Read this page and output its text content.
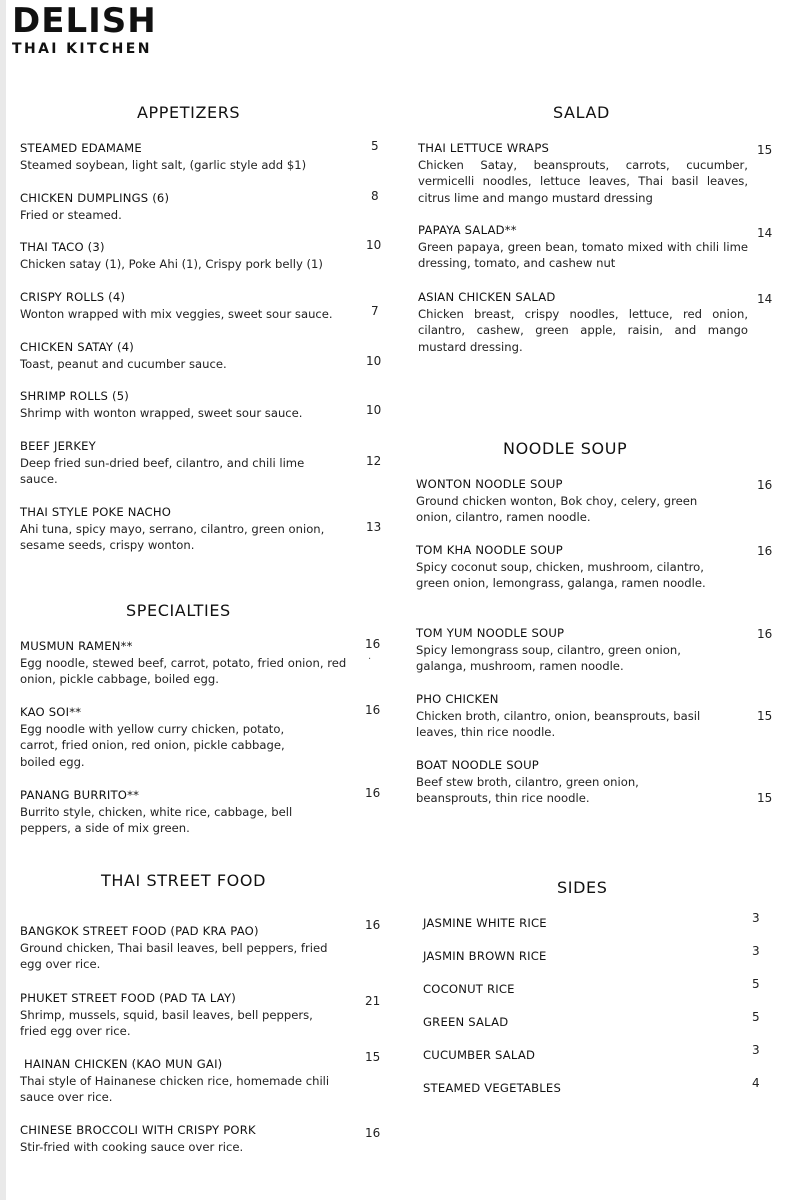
DELISH
THAI KITCHEN
APPETIZERS
STEAMED EDAMAME
Steamed soybean, light salt, (garlic style add $1)
5
CHICKEN DUMPLINGS (6)
Fried or steamed.
8
THAI TACO (3)
Chicken satay (1), Poke Ahi (1), Crispy pork belly (1)
10
CRISPY ROLLS (4)
Wonton wrapped with mix veggies, sweet sour sauce.	7
CHICKEN SATAY (4)
Toast, peanut and cucumber sauce.	10
SHRIMP ROLLS (5)
Shrimp with wonton wrapped, sweet sour sauce.	10
BEEF JERKEY
Deep fried sun-dried beef, cilantro, and chili lime sauce.
12
THAI STYLE POKE NACHO
Ahi tuna, spicy mayo, serrano, cilantro, green onion, sesame seeds, crispy wonton.
13
SPECIALTIES
MUSMUN RAMEN**
Egg noodle, stewed beef, carrot, potato, fried onion, red onion, pickle cabbage, boiled egg.
16
·
KAO SOI**
Egg noodle with yellow curry chicken, potato, carrot, fried onion, red onion, pickle cabbage, boiled egg.
16
PANANG BURRITO**
Burrito style, chicken, white rice, cabbage, bell peppers, a side of mix green.
16
THAI STREET FOOD
BANGKOK STREET FOOD (PAD KRA PAO)
Ground chicken, Thai basil leaves, bell peppers, fried egg over rice.
16
PHUKET STREET FOOD (PAD TA LAY)
Shrimp, mussels, squid, basil leaves, bell peppers, fried egg over rice.
21
HAINAN CHICKEN (KAO MUN GAI)
Thai style of Hainanese chicken rice, homemade chili sauce over rice.
15
CHINESE BROCCOLI WITH CRISPY PORK
Stir-fried with cooking sauce over rice.
16
SALAD
THAI LETTUCE WRAPS
Chicken Satay, beansprouts, carrots, cucumber, vermicelli noodles, lettuce leaves, Thai basil leaves, citrus lime and mango mustard dressing
15
PAPAYA SALAD**
Green papaya, green bean, tomato mixed with chili lime dressing, tomato, and cashew nut
14
ASIAN CHICKEN SALAD
Chicken breast, crispy noodles, lettuce, red onion, cilantro, cashew, green apple, raisin, and mango mustard dressing.
14
NOODLE SOUP
WONTON NOODLE SOUP
Ground chicken wonton, Bok choy, celery, green onion, cilantro, ramen noodle.
16
TOM KHA NOODLE SOUP
Spicy coconut soup, chicken, mushroom, cilantro, green onion, lemongrass, galanga, ramen noodle.
16
TOM YUM NOODLE SOUP
Spicy lemongrass soup, cilantro, green onion, galanga, mushroom, ramen noodle.
16
PHO CHICKEN
Chicken broth, cilantro, onion, beansprouts, basil leaves, thin rice noodle.
15
BOAT NOODLE SOUP
Beef stew broth, cilantro, green onion, beansprouts, thin rice noodle.	15
SIDES
JASMINE WHITE RICE	3
JASMIN BROWN RICE	3
COCONUT RICE	5
GREEN SALAD	5
CUCUMBER SALAD	3
STEAMED VEGETABLES	4
